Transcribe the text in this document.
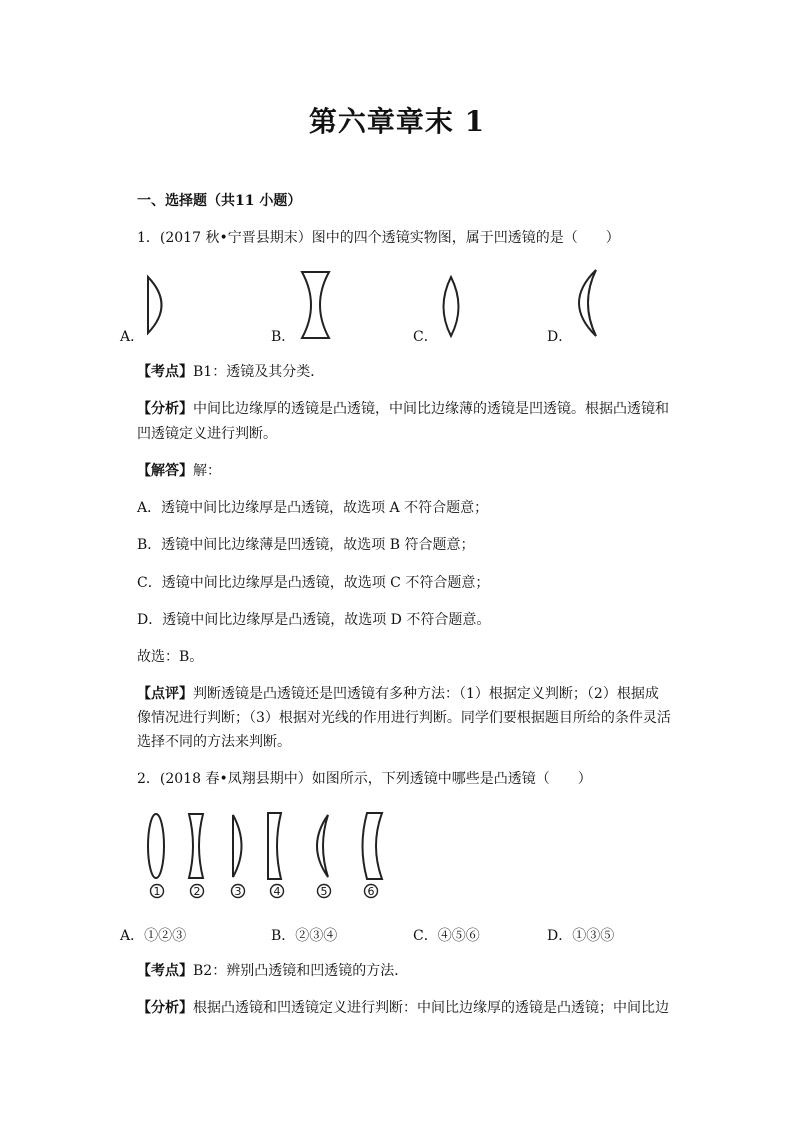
第六章章末 1
一、选择题（共11 小题）
1．(2017 秋•宁晋县期末）图中的四个透镜实物图，属于凹透镜的是（　　）
A．	B．	C．	D．
【考点】B1：透镜及其分类．
【分析】中间比边缘厚的透镜是凸透镜，中间比边缘薄的透镜是凹透镜。根据凸透镜和
凹透镜定义进行判断。
【解答】解：
A．透镜中间比边缘厚是凸透镜，故选项 A 不符合题意；
B．透镜中间比边缘薄是凹透镜，故选项 B 符合题意；
C．透镜中间比边缘厚是凸透镜，故选项 C 不符合题意；
D．透镜中间比边缘厚是凸透镜，故选项 D 不符合题意。
故选：B。
【点评】判断透镜是凸透镜还是凹透镜有多种方法：（1）根据定义判断；（2）根据成
像情况进行判断；（3）根据对光线的作用进行判断。同学们要根据题目所给的条件灵活
选择不同的方法来判断。
2．(2018 春•凤翔县期中）如图所示，下列透镜中哪些是凸透镜（　　）
1	2	3	4	5	6
A．①②③	B．②③④	C．④⑤⑥	D．①③⑤
【考点】B2：辨别凸透镜和凹透镜的方法．
【分析】根据凸透镜和凹透镜定义进行判断：中间比边缘厚的透镜是凸透镜；中间比边
